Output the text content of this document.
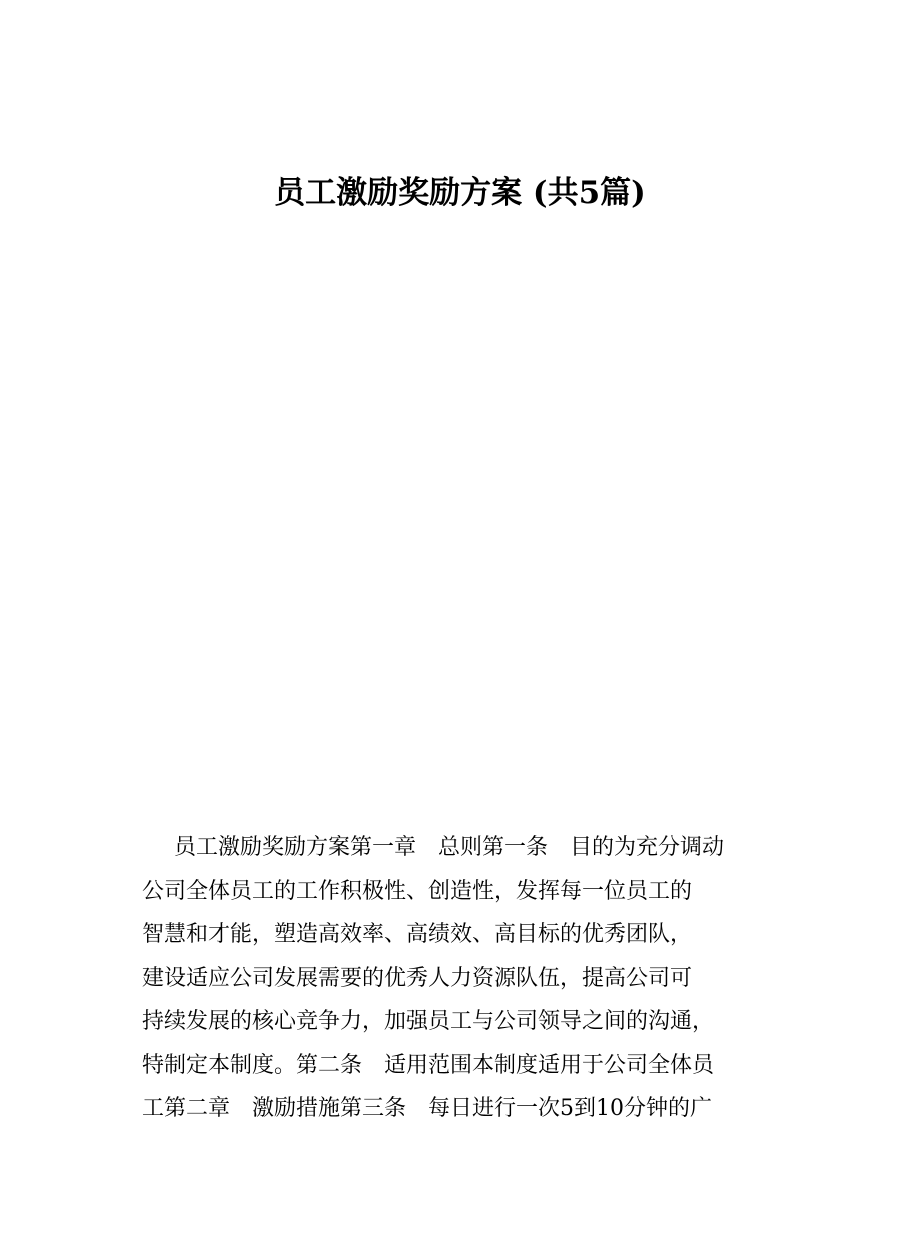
员工激励奖励方案 (共5篇)
员工激励奖励方案第一章　总则第一条　目的为充分调动
公司全体员工的工作积极性、创造性，发挥每一位员工的
智慧和才能，塑造高效率、高绩效、高目标的优秀团队，
建设适应公司发展需要的优秀人力资源队伍，提高公司可
持续发展的核心竞争力，加强员工与公司领导之间的沟通，
特制定本制度。第二条　适用范围本制度适用于公司全体员
工第二章　激励措施第三条　每日进行一次5到10分钟的广
